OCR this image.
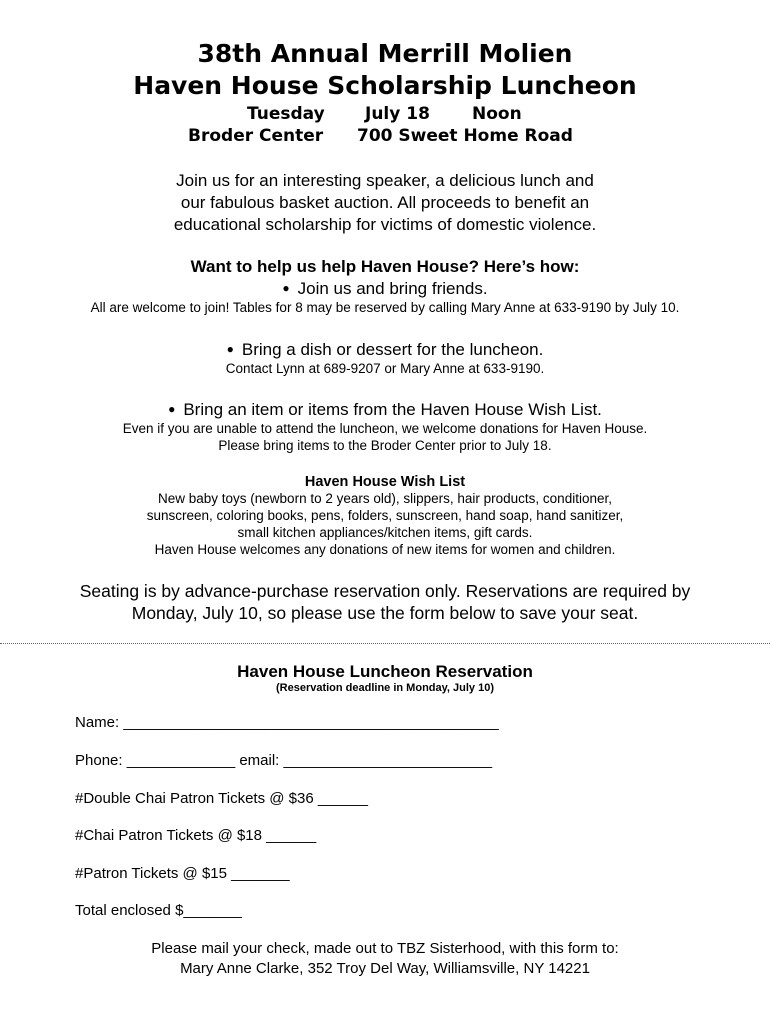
38th Annual Merrill Molien
Haven House Scholarship Luncheon
Tuesday July 18 Noon
Broder Center 700 Sweet Home Road
Join us for an interesting speaker, a delicious lunch and
our fabulous basket auction. All proceeds to benefit an
educational scholarship for victims of domestic violence.
Want to help us help Haven House? Here’s how:
● Join us and bring friends.
All are welcome to join! Tables for 8 may be reserved by calling Mary Anne at 633-9190 by July 10.
● Bring a dish or dessert for the luncheon.
Contact Lynn at 689-9207 or Mary Anne at 633-9190.
● Bring an item or items from the Haven House Wish List.
Even if you are unable to attend the luncheon, we welcome donations for Haven House.
Please bring items to the Broder Center prior to July 18.
Haven House Wish List
New baby toys (newborn to 2 years old), slippers, hair products, conditioner,
sunscreen, coloring books, pens, folders, sunscreen, hand soap, hand sanitizer,
small kitchen appliances/kitchen items, gift cards.
Haven House welcomes any donations of new items for women and children.
Seating is by advance-purchase reservation only. Reservations are required by
Monday, July 10, so please use the form below to save your seat.
Haven House Luncheon Reservation
(Reservation deadline in Monday, July 10)
Name: _____________________________________________
Phone: _____________ email: _________________________
#Double Chai Patron Tickets @ $36 ______
#Chai Patron Tickets @ $18 ______
#Patron Tickets @ $15 _______
Total enclosed $_______
Please mail your check, made out to TBZ Sisterhood, with this form to:
Mary Anne Clarke, 352 Troy Del Way, Williamsville, NY 14221
